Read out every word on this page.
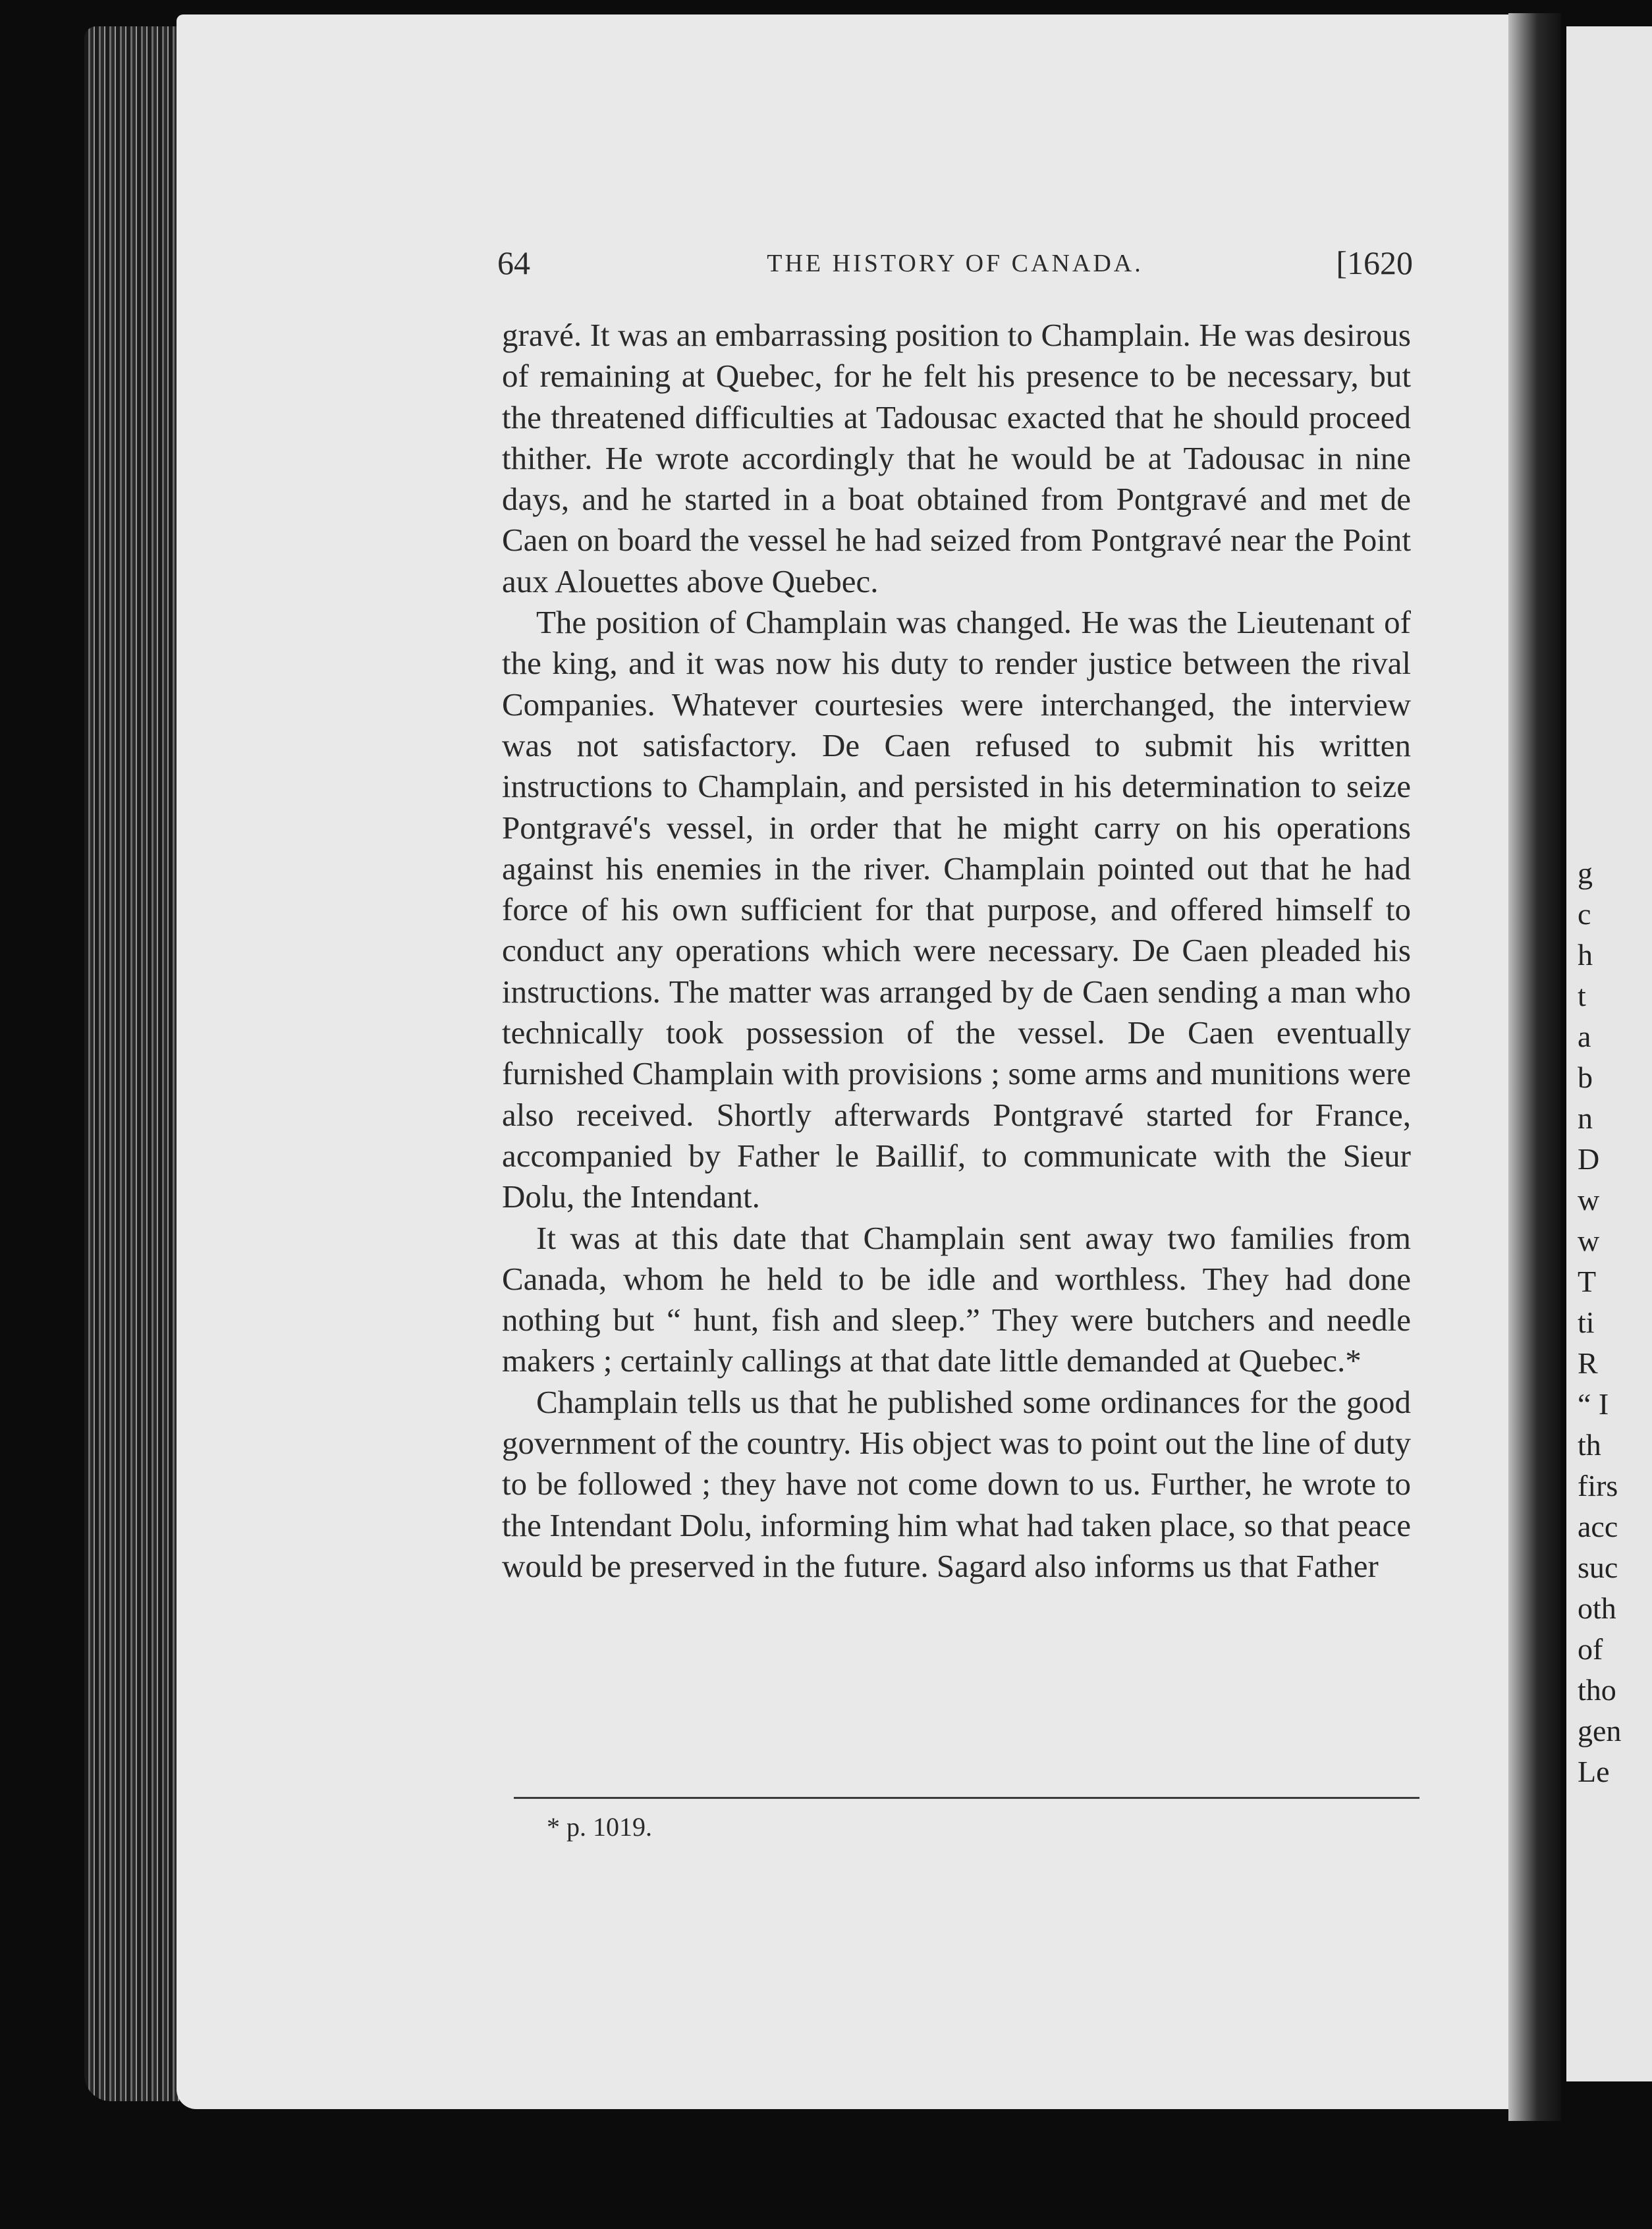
g
c
h
t
a
b
n
D
w
w
T
ti
R
“ I
th
firs
acc
suc
oth
of
tho
gen
Le
64	THE HISTORY OF CANADA.	[1620

gravé. It was an embarrassing position to Champlain. He was desirous of remaining at Quebec, for he felt his presence to be necessary, but the threatened difficulties at Tadousac exacted that he should proceed thither. He wrote accordingly that he would be at Tadousac in nine days, and he started in a boat obtained from Pontgravé and met de Caen on board the vessel he had seized from Pontgravé near the Point aux Alouettes above Quebec.

The position of Champlain was changed. He was the Lieutenant of the king, and it was now his duty to render justice between the rival Companies. Whatever courtesies were interchanged, the interview was not satisfactory. De Caen refused to submit his written instructions to Champlain, and persisted in his determination to seize Pontgravé's vessel, in order that he might carry on his operations against his enemies in the river. Champlain pointed out that he had force of his own sufficient for that purpose, and offered himself to conduct any operations which were necessary. De Caen pleaded his instructions. The matter was arranged by de Caen sending a man who technically took possession of the vessel. De Caen eventually furnished Champlain with provisions ; some arms and munitions were also received. Shortly afterwards Pontgravé started for France, accompanied by Father le Baillif, to communicate with the Sieur Dolu, the Intendant.

It was at this date that Champlain sent away two families from Canada, whom he held to be idle and worthless. They had done nothing but “ hunt, fish and sleep.” They were butchers and needle makers ; certainly callings at that date little demanded at Quebec.*

Champlain tells us that he published some ordinances for the good government of the country. His object was to point out the line of duty to be followed ; they have not come down to us. Further, he wrote to the Intendant Dolu, informing him what had taken place, so that peace would be preserved in the future. Sagard also informs us that Father

* p. 1019.
